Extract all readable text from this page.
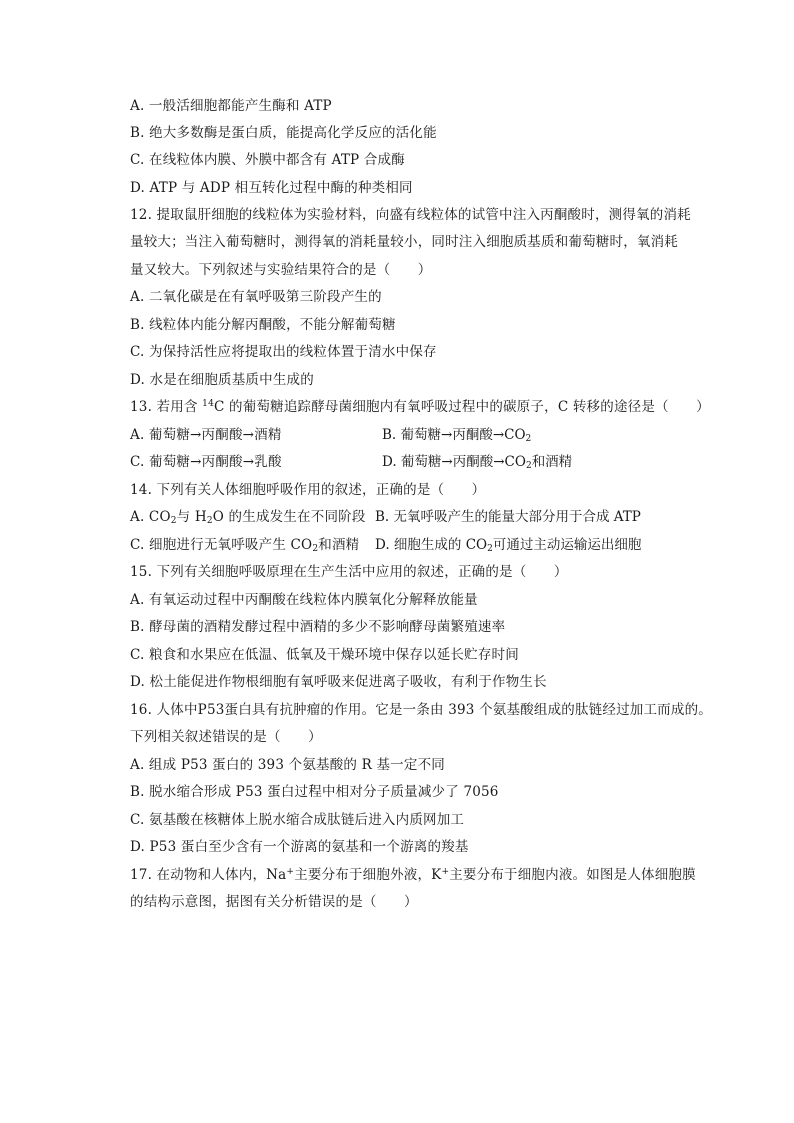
A. 一般活细胞都能产生酶和 ATP
B. 绝大多数酶是蛋白质，能提高化学反应的活化能
C. 在线粒体内膜、外膜中都含有 ATP 合成酶
D. ATP 与 ADP 相互转化过程中酶的种类相同
12. 提取鼠肝细胞的线粒体为实验材料，向盛有线粒体的试管中注入丙酮酸时，测得氧的消耗
量较大；当注入葡萄糖时，测得氧的消耗量较小，同时注入细胞质基质和葡萄糖时，氧消耗
量又较大。下列叙述与实验结果符合的是（　　）
A. 二氧化碳是在有氧呼吸第三阶段产生的
B. 线粒体内能分解丙酮酸，不能分解葡萄糖
C. 为保持活性应将提取出的线粒体置于清水中保存
D. 水是在细胞质基质中生成的
13. 若用含 $^{14}$C 的葡萄糖追踪酵母菌细胞内有氧呼吸过程中的碳原子，C 转移的途径是（　　）
A. 葡萄糖→丙酮酸→酒精	B. 葡萄糖→丙酮酸$\to CO_2$
C. 葡萄糖→丙酮酸→乳酸	D. 葡萄糖→丙酮酸$\to CO_2$和酒精
14. 下列有关人体细胞呼吸作用的叙述，正确的是（　　）
A. $CO_2$与 $H_2O$ 的生成发生在不同阶段 B. 无氧呼吸产生的能量大部分用于合成 ATP
C. 细胞进行无氧呼吸产生 $CO_2$和酒精 D. 细胞生成的 $CO_2$可通过主动运输运出细胞
15. 下列有关细胞呼吸原理在生产生活中应用的叙述，正确的是（　　）
A. 有氧运动过程中丙酮酸在线粒体内膜氧化分解释放能量
B. 酵母菌的酒精发酵过程中酒精的多少不影响酵母菌繁殖速率
C. 粮食和水果应在低温、低氧及干燥环境中保存以延长贮存时间
D. 松土能促进作物根细胞有氧呼吸来促进离子吸收，有利于作物生长
16. 人体中P53蛋白具有抗肿瘤的作用。它是一条由 393 个氨基酸组成的肽链经过加工而成的。
下列相关叙述错误的是（　　）
A. 组成 P53 蛋白的 393 个氨基酸的 R 基一定不同
B. 脱水缩合形成 P53 蛋白过程中相对分子质量减少了 7056
C. 氨基酸在核糖体上脱水缩合成肽链后进入内质网加工
D. P53 蛋白至少含有一个游离的氨基和一个游离的羧基
17. 在动物和人体内，Na+主要分布于细胞外液，K+主要分布于细胞内液。如图是人体细胞膜
的结构示意图，据图有关分析错误的是（　　）
